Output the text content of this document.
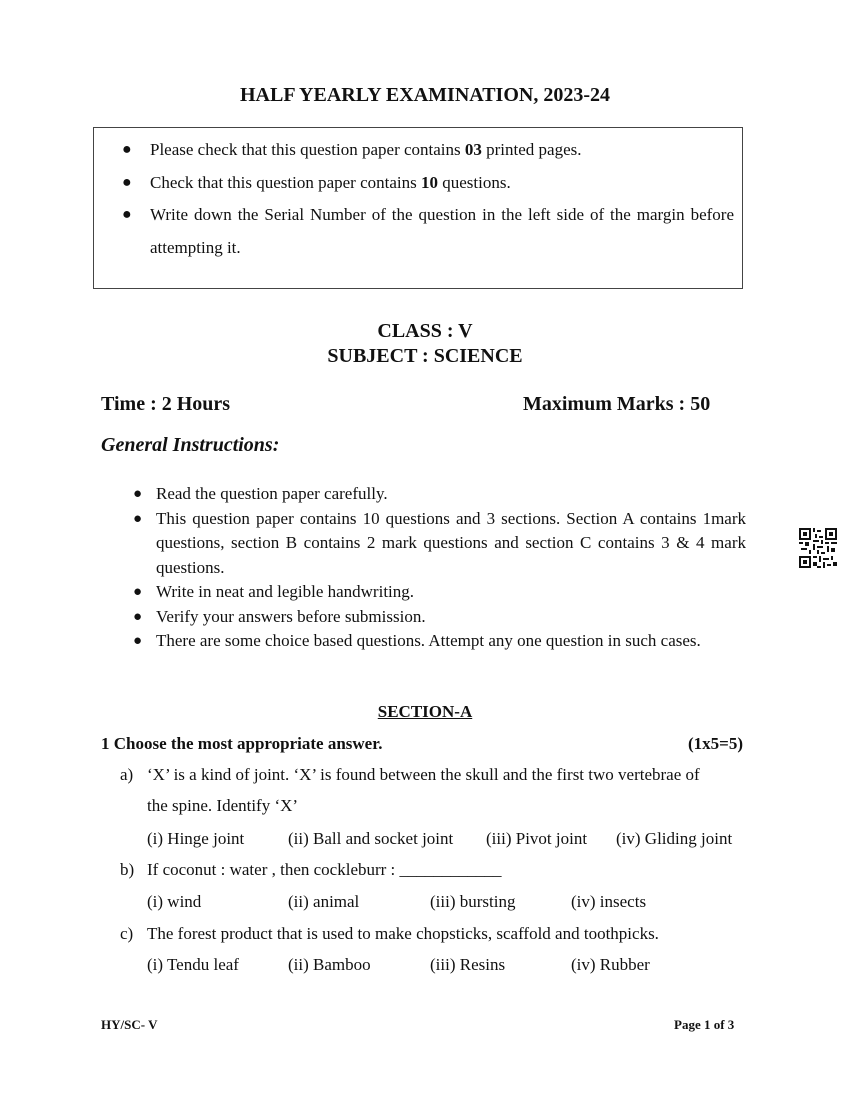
HALF YEARLY EXAMINATION, 2023-24
● Please check that this question paper contains 03 printed pages.
● Check that this question paper contains 10 questions.
● Write down the Serial Number of the question in the left side of the margin before attempting it.
CLASS : V
SUBJECT : SCIENCE
Time : 2 Hours	Maximum Marks : 50
General Instructions:
● Read the question paper carefully.
● This question paper contains 10 questions and 3 sections. Section A contains 1mark questions, section B contains 2 mark questions and section C contains 3 & 4 mark questions.
● Write in neat and legible handwriting.
● Verify your answers before submission.
● There are some choice based questions. Attempt any one question in such cases.
SECTION-A
1 Choose the most appropriate answer.	(1x5=5)
a) ‘X’ is a kind of joint. ‘X’ is found between the skull and the first two vertebrae of
the spine. Identify ‘X’
(i) Hinge joint	(ii) Ball and socket joint (iii) Pivot joint (iv) Gliding joint
b) If coconut : water , then cockleburr : ____________
(i) wind	(ii) animal	(iii) bursting	(iv) insects
c) The forest product that is used to make chopsticks, scaffold and toothpicks.
(i) Tendu leaf	(ii) Bamboo	(iii) Resins	(iv) Rubber
HY/SC- V	Page 1 of 3
